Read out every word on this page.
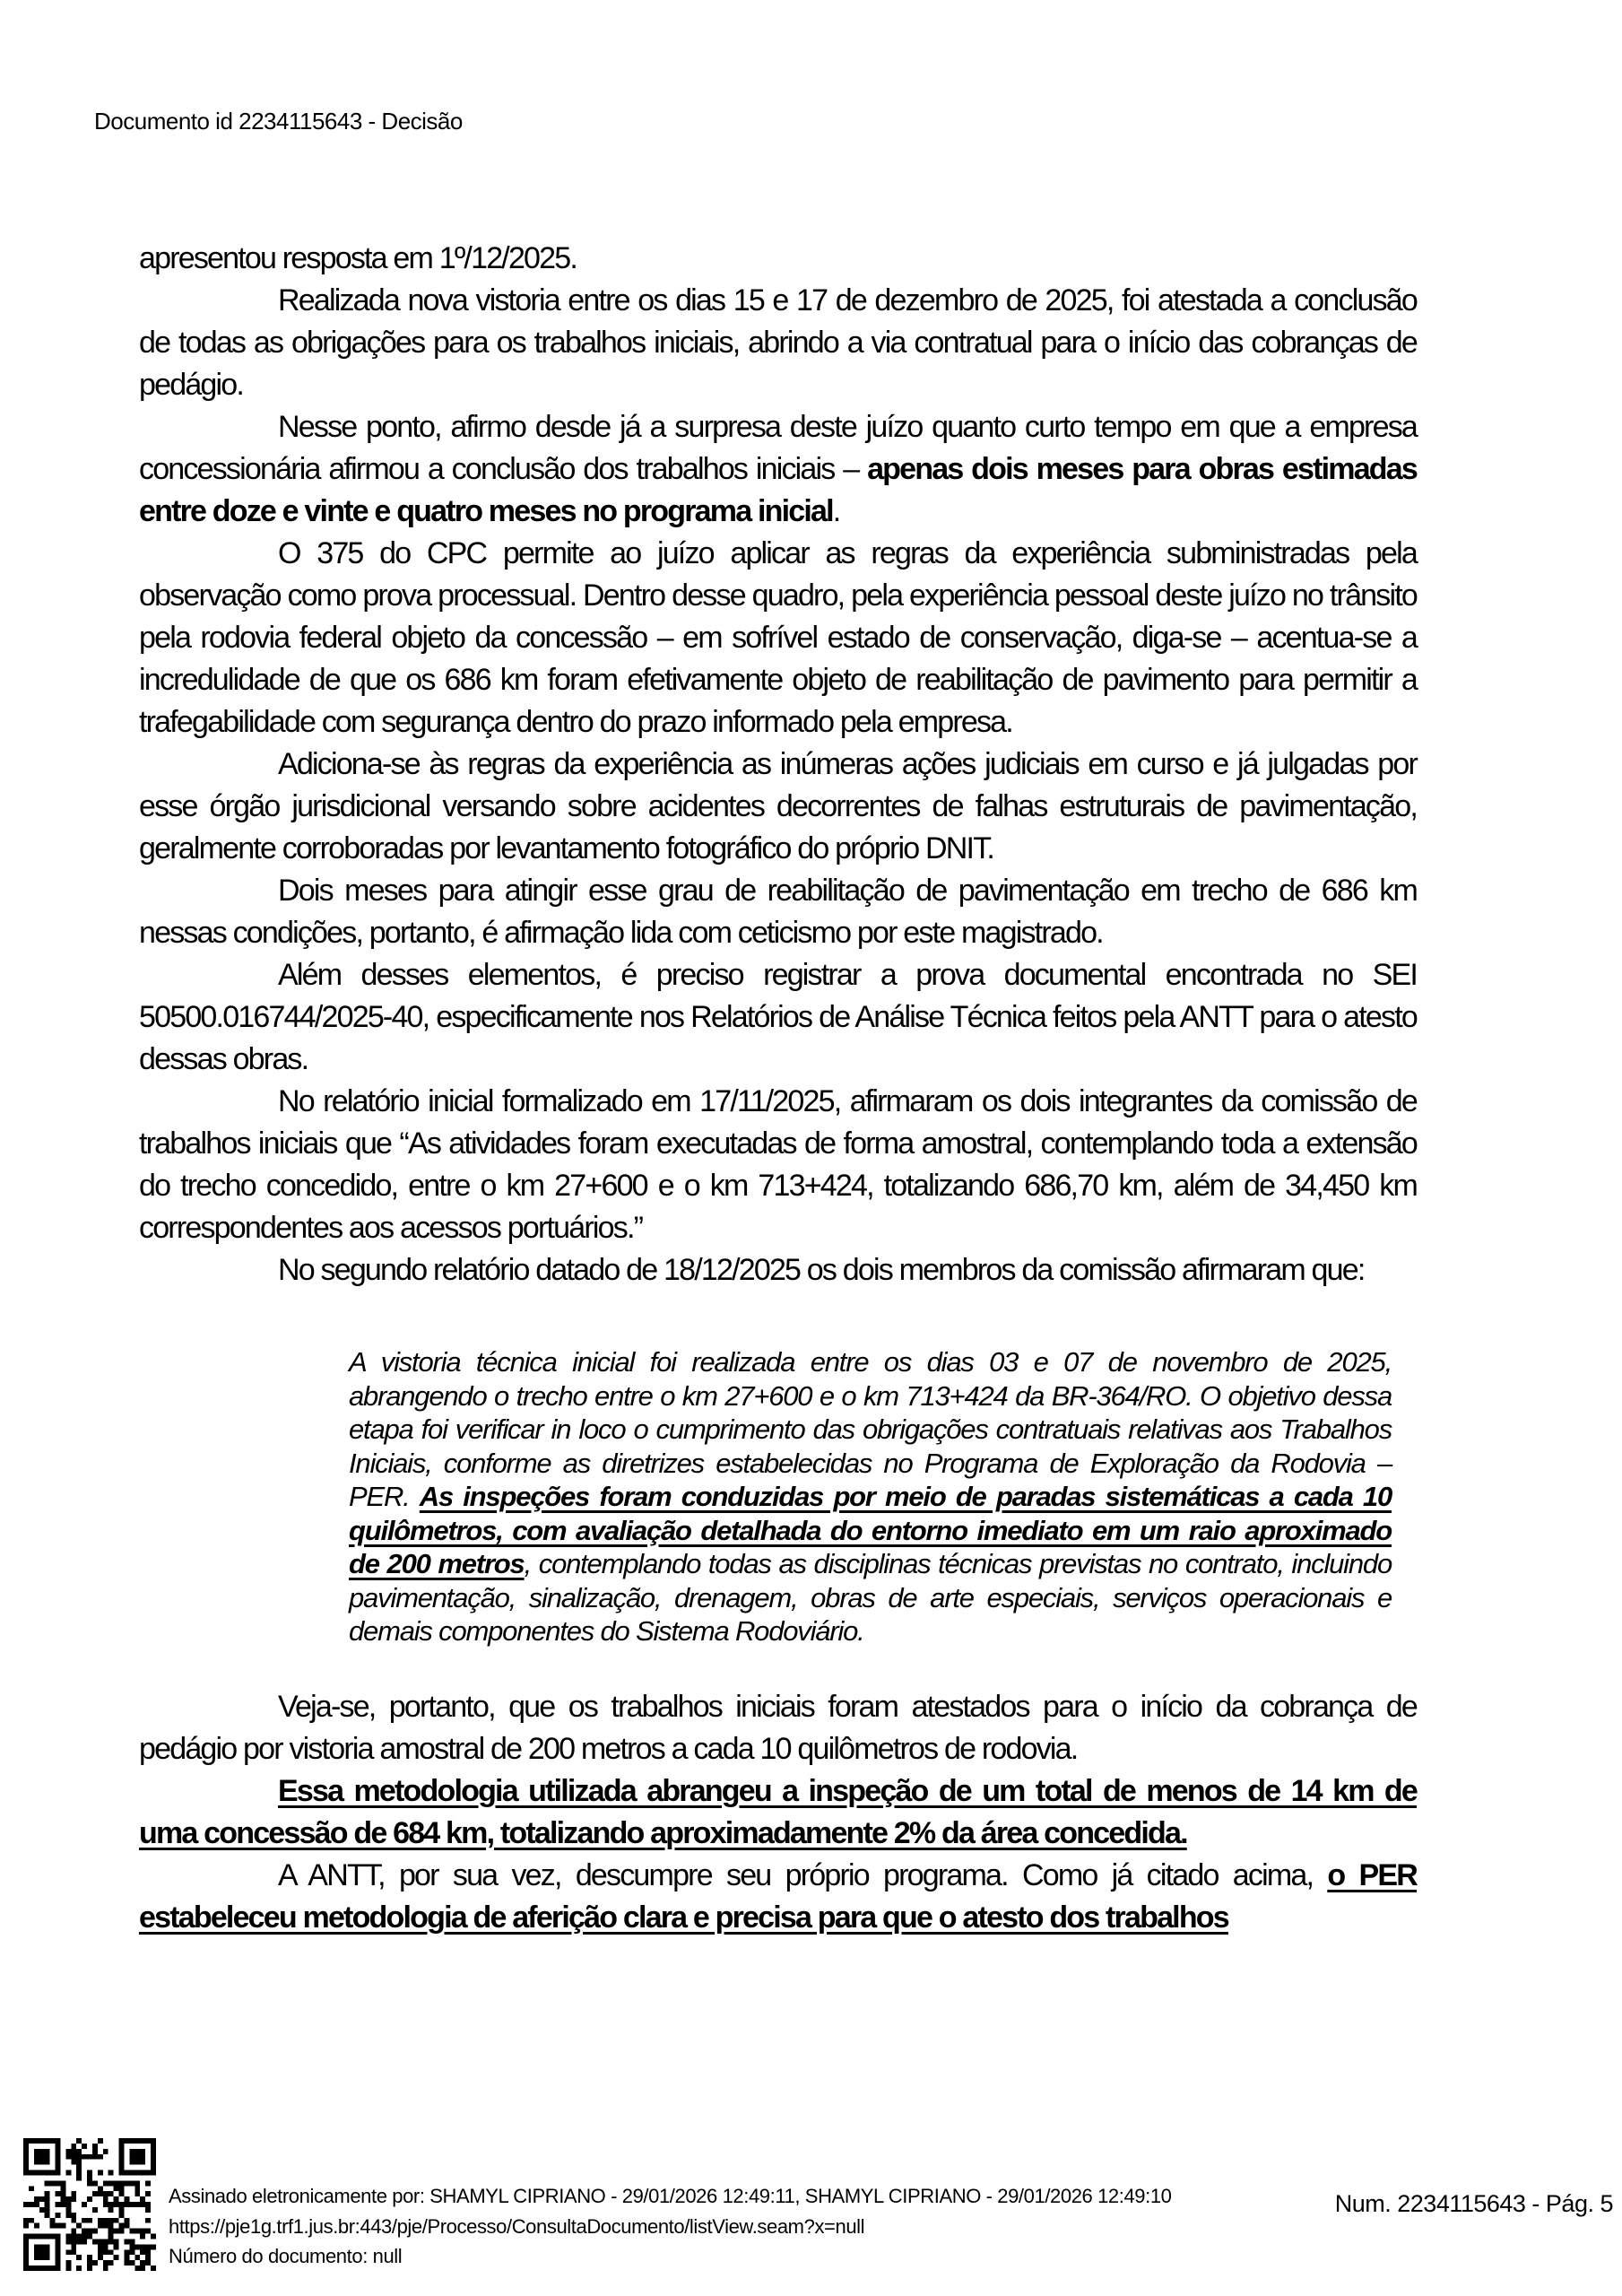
Documento id 2234115643 - Decisão

apresentou resposta em 1º/12/2025.

Realizada nova vistoria entre os dias 15 e 17 de dezembro de 2025, foi atestada a conclusão de todas as obrigações para os trabalhos iniciais, abrindo a via contratual para o início das cobranças de pedágio.

Nesse ponto, afirmo desde já a surpresa deste juízo quanto curto tempo em que a empresa concessionária afirmou a conclusão dos trabalhos iniciais – apenas dois meses para obras estimadas entre doze e vinte e quatro meses no programa inicial.

O 375 do CPC permite ao juízo aplicar as regras da experiência subministradas pela observação como prova processual. Dentro desse quadro, pela experiência pessoal deste juízo no trânsito pela rodovia federal objeto da concessão – em sofrível estado de conservação, diga-se – acentua-se a incredulidade de que os 686 km foram efetivamente objeto de reabilitação de pavimento para permitir a trafegabilidade com segurança dentro do prazo informado pela empresa.

Adiciona-se às regras da experiência as inúmeras ações judiciais em curso e já julgadas por esse órgão jurisdicional versando sobre acidentes decorrentes de falhas estruturais de pavimentação, geralmente corroboradas por levantamento fotográfico do próprio DNIT.

Dois meses para atingir esse grau de reabilitação de pavimentação em trecho de 686 km nessas condições, portanto, é afirmação lida com ceticismo por este magistrado.

Além desses elementos, é preciso registrar a prova documental encontrada no SEI 50500.016744/2025-40, especificamente nos Relatórios de Análise Técnica feitos pela ANTT para o atesto dessas obras.

No relatório inicial formalizado em 17/11/2025, afirmaram os dois integrantes da comissão de trabalhos iniciais que “As atividades foram executadas de forma amostral, contemplando toda a extensão do trecho concedido, entre o km 27+600 e o km 713+424, totalizando 686,70 km, além de 34,450 km correspondentes aos acessos portuários.”

No segundo relatório datado de 18/12/2025 os dois membros da comissão afirmaram que:

A vistoria técnica inicial foi realizada entre os dias 03 e 07 de novembro de 2025, abrangendo o trecho entre o km 27+600 e o km 713+424 da BR-364/RO. O objetivo dessa etapa foi verificar in loco o cumprimento das obrigações contratuais relativas aos Trabalhos Iniciais, conforme as diretrizes estabelecidas no Programa de Exploração da Rodovia – PER. As inspeções foram conduzidas por meio de paradas sistemáticas a cada 10 quilômetros, com avaliação detalhada do entorno imediato em um raio aproximado de 200 metros, contemplando todas as disciplinas técnicas previstas no contrato, incluindo pavimentação, sinalização, drenagem, obras de arte especiais, serviços operacionais e demais componentes do Sistema Rodoviário.

Veja-se, portanto, que os trabalhos iniciais foram atestados para o início da cobrança de pedágio por vistoria amostral de 200 metros a cada 10 quilômetros de rodovia.

Essa metodologia utilizada abrangeu a inspeção de um total de menos de 14 km de uma concessão de 684 km, totalizando aproximadamente 2% da área concedida.

A ANTT, por sua vez, descumpre seu próprio programa. Como já citado acima, o PER estabeleceu metodologia de aferição clara e precisa para que o atesto dos trabalhos

Assinado eletronicamente por: SHAMYL CIPRIANO - 29/01/2026 12:49:11, SHAMYL CIPRIANO - 29/01/2026 12:49:10
https://pje1g.trf1.jus.br:443/pje/Processo/ConsultaDocumento/listView.seam?x=null
Número do documento: null
Num. 2234115643 - Pág. 5
